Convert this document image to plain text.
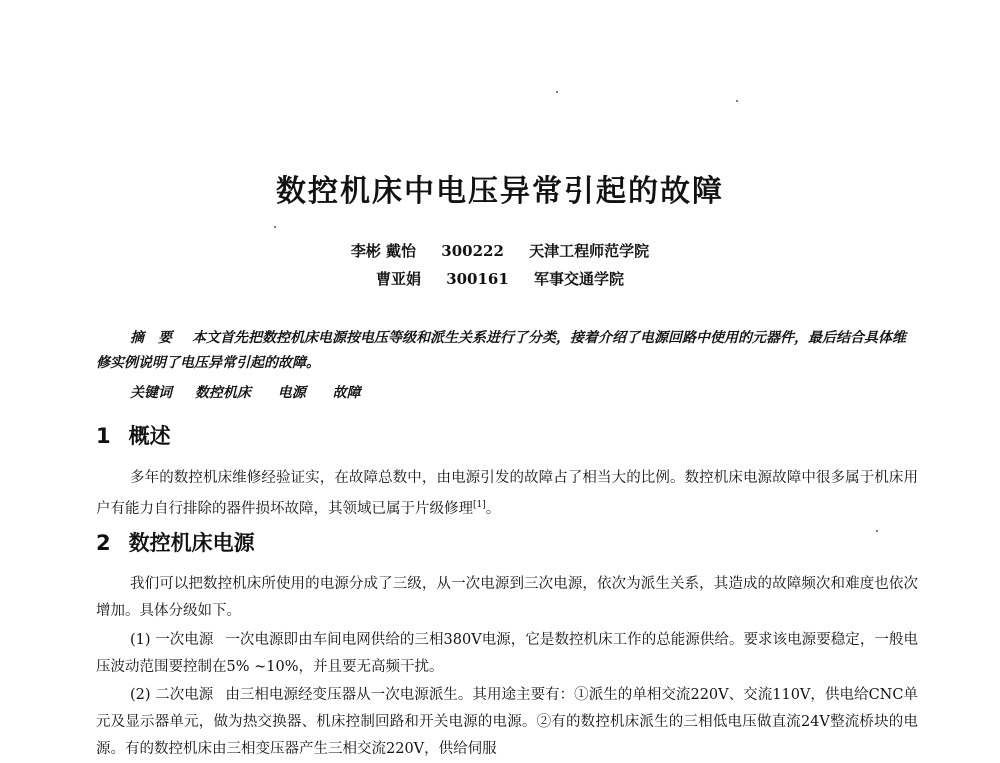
数控机床中电压异常引起的故障
李彬 戴怡 300222 天津工程师范学院
曹亚娟 300161 军事交通学院

摘要 本文首先把数控机床电源按电压等级和派生关系进行了分类，接着介绍了电源回路中使用的元器件，最后结合具体维修实例说明了电压异常引起的故障。

关键词 数控机床 电源 故障
1 概述

多年的数控机床维修经验证实，在故障总数中，由电源引发的故障占了相当大的比例。数控机床电源故障中很多属于机床用户有能力自行排除的器件损坏故障，其领域已属于片级修理[1]。

2 数控机床电源

我们可以把数控机床所使用的电源分成了三级，从一次电源到三次电源，依次为派生关系，其造成的故障频次和难度也依次增加。具体分级如下。

(1) 一次电源 一次电源即由车间电网供给的三相380V电源，它是数控机床工作的总能源供给。要求该电源要稳定，一般电压波动范围要控制在5% ~10%，并且要无高频干扰。

(2) 二次电源 由三相电源经变压器从一次电源派生。其用途主要有：①派生的单相交流220V、交流110V，供电给CNC单元及显示器单元，做为热交换器、机床控制回路和开关电源的电源。②有的数控机床派生的三相低电压做直流24V整流桥块的电源。有的数控机床由三相变压器产生三相交流220V，供给伺服
